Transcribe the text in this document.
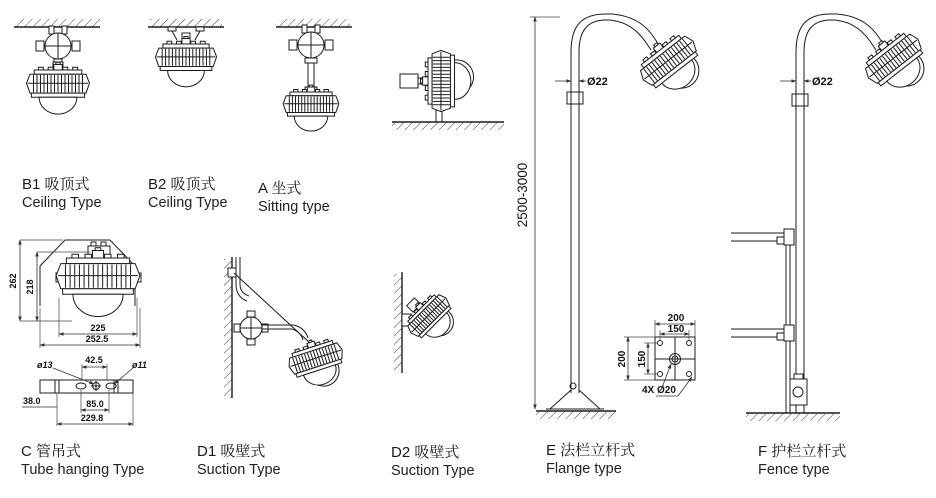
262 218
225
252.5
42.5
ø13	ø11
38.0	85.0
229.8
2500-3000
Ø22
200
150
200 150
4X Ø20
Ø22
B1 吸顶式
Ceiling Type
B2 吸顶式
Ceiling Type
A 坐式
Sitting type
C 管吊式
Tube hanging Type
D1 吸壁式
Suction Type
D2 吸壁式
Suction Type
E 法栏立杆式
Flange type
F 护栏立杆式
Fence type
